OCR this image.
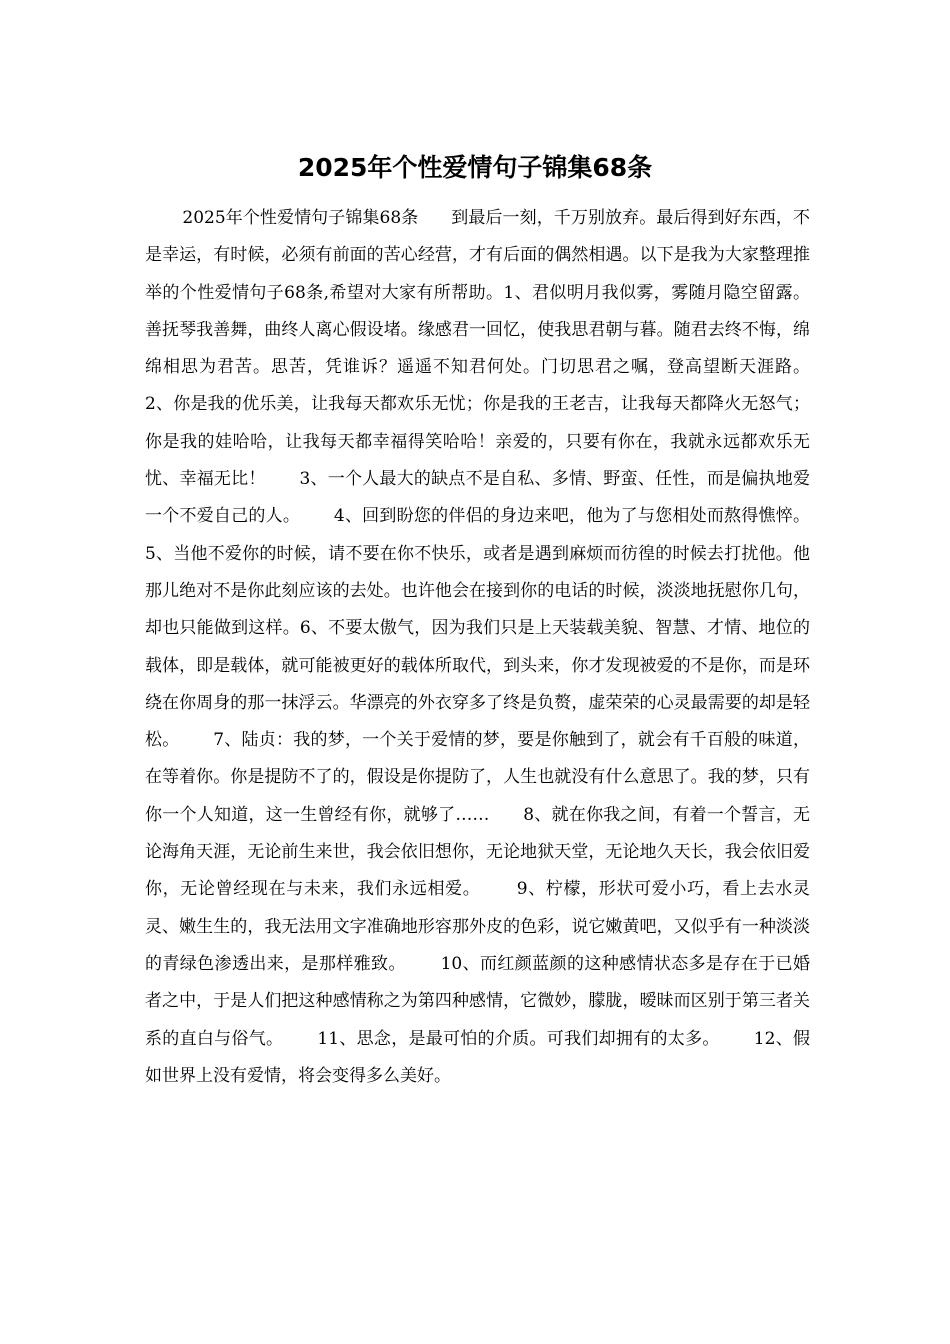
2025年个性爱情句子锦集68条

2025年个性爱情句子锦集68条      到最后一刻，千万别放弃。最后得到好东西，不是幸运，有时候，必须有前面的苦心经营，才有后面的偶然相遇。以下是我为大家整理推举的个性爱情句子68条,希望对大家有所帮助。1、君似明月我似雾，雾随月隐空留露。善抚琴我善舞，曲终人离心假设堵。缘感君一回忆，使我思君朝与暮。随君去终不悔，绵绵相思为君苦。思苦，凭谁诉？遥遥不知君何处。门切思君之嘱，登高望断天涯路。      2、你是我的优乐美，让我每天都欢乐无忧；你是我的王老吉，让我每天都降火无怒气；你是我的娃哈哈，让我每天都幸福得笑哈哈！亲爱的，只要有你在，我就永远都欢乐无忧、幸福无比！      3、一个人最大的缺点不是自私、多情、野蛮、任性，而是偏执地爱一个不爱自己的人。      4、回到盼您的伴侣的身边来吧，他为了与您相处而熬得憔悴。      5、当他不爱你的时候，请不要在你不快乐，或者是遇到麻烦而彷徨的时候去打扰他。他那儿绝对不是你此刻应该的去处。也许他会在接到你的电话的时候，淡淡地抚慰你几句，却也只能做到这样。6、不要太傲气，因为我们只是上天装载美貌、智慧、才情、地位的载体，即是载体，就可能被更好的载体所取代，到头来，你才发现被爱的不是你，而是环绕在你周身的那一抹浮云。华漂亮的外衣穿多了终是负赘，虚荣荣的心灵最需要的却是轻松。      7、陆贞：我的梦，一个关于爱情的梦，要是你触到了，就会有千百般的味道，在等着你。你是提防不了的，假设是你提防了，人生也就没有什么意思了。我的梦，只有你一个人知道，这一生曾经有你，就够了……      8、就在你我之间，有着一个誓言，无论海角天涯，无论前生来世，我会依旧想你，无论地狱天堂，无论地久天长，我会依旧爱你，无论曾经现在与未来，我们永远相爱。      9、柠檬，形状可爱小巧，看上去水灵灵、嫩生生的，我无法用文字准确地形容那外皮的色彩，说它嫩黄吧，又似乎有一种淡淡的青绿色渗透出来，是那样雅致。      10、而红颜蓝颜的这种感情状态多是存在于已婚者之中，于是人们把这种感情称之为第四种感情，它微妙，朦胧，暧昧而区别于第三者关系的直白与俗气。      11、思念，是最可怕的介质。可我们却拥有的太多。      12、假如世界上没有爱情，将会变得多么美好。
